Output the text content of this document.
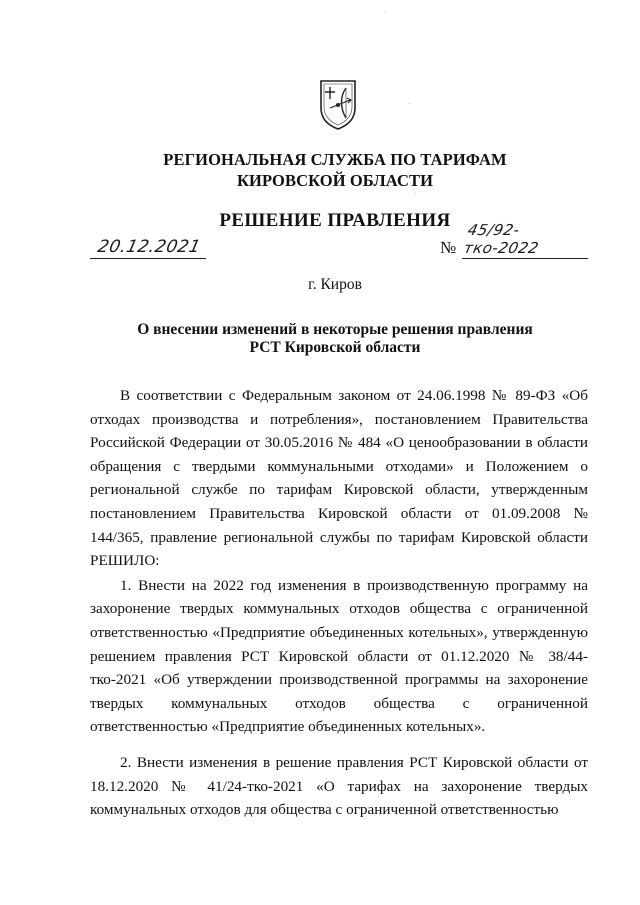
·
·
·
РЕГИОНАЛЬНАЯ СЛУЖБА ПО ТАРИФАМ
КИРОВСКОЙ ОБЛАСТИ
РЕШЕНИЕ ПРАВЛЕНИЯ
20.12.2021	№
45/92-тко-2022
г. Киров
О внесении изменений в некоторые решения правления
РСТ Кировской области

В соответствии с Федеральным законом от 24.06.1998 № 89-ФЗ «Об отходах производства и потребления», постановлением Правительства Российской Федерации от 30.05.2016 № 484 «О ценообразовании в области обращения с твердыми коммунальными отходами» и Положением о региональной службе по тарифам Кировской области, утвержденным постановлением Правительства Кировской области от 01.09.2008 № 144/365, правление региональной службы по тарифам Кировской области РЕШИЛО:

1. Внести на 2022 год изменения в производственную программу на захоронение твердых коммунальных отходов общества с ограниченной ответственностью «Предприятие объединенных котельных», утвержденную решением правления РСТ Кировской области от 01.12.2020 № 38/44-тко-2021 «Об утверждении производственной программы на захоронение твердых коммунальных отходов общества с ограниченной ответственностью «Предприятие объединенных котельных».

2. Внести изменения в решение правления РСТ Кировской области от 18.12.2020 № 41/24-тко-2021 «О тарифах на захоронение твердых коммунальных отходов для общества с ограниченной ответственностью
